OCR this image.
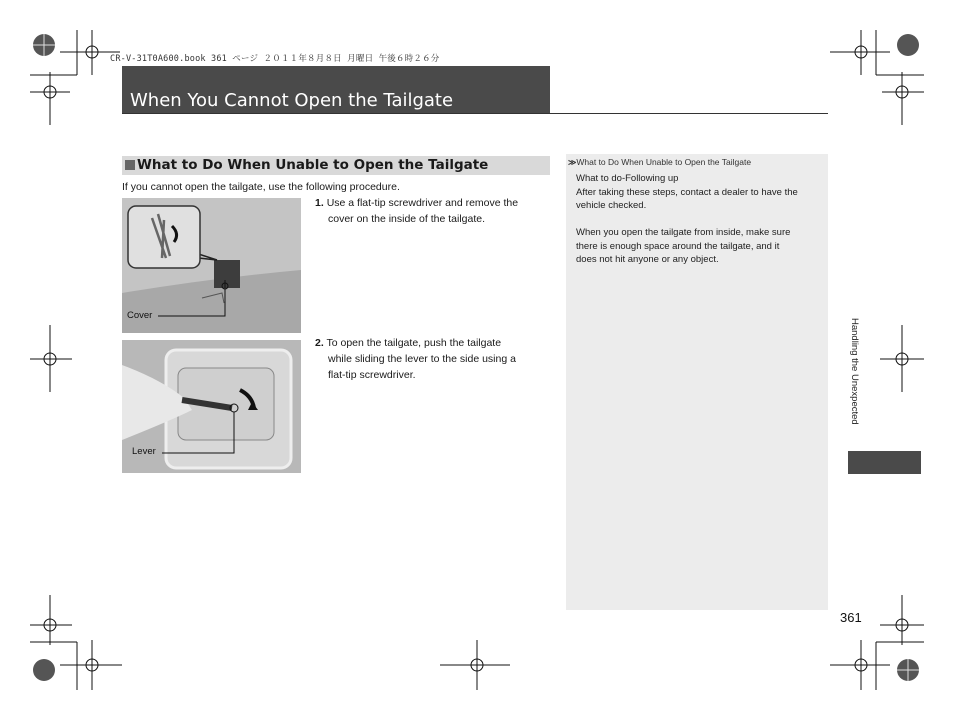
CR-V-31T0A600.book 361 ページ ２０１１年８月８日 月曜日 午後６時２６分
When You Cannot Open the Tailgate
What to Do When Unable to Open the Tailgate
If you cannot open the tailgate, use the following procedure.
Cover
1. Use a flat-tip screwdriver and remove the
cover on the inside of the tailgate.
Lever
2. To open the tailgate, push the tailgate
while sliding the lever to the side using a
flat-tip screwdriver.
≫What to Do When Unable to Open the Tailgate
What to do-Following up
After taking these steps, contact a dealer to have the
vehicle checked.
When you open the tailgate from inside, make sure
there is enough space around the tailgate, and it
does not hit anyone or any object.
Handling the Unexpected
361
